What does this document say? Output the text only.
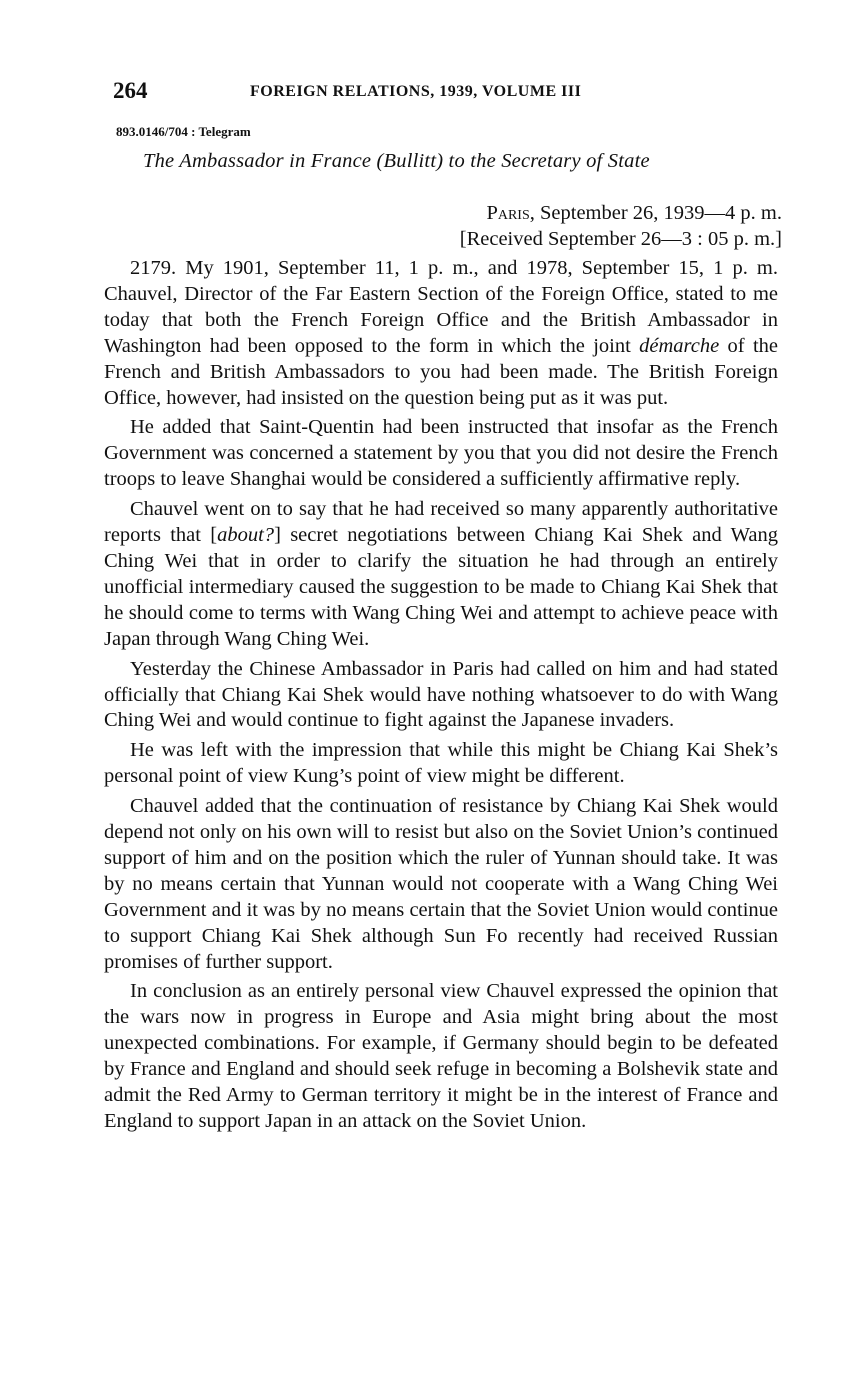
264	FOREIGN RELATIONS, 1939, VOLUME III
893.0146/704 : Telegram
The Ambassador in France (Bullitt) to the Secretary of State
Paris, September 26, 1939—4 p. m.
[Received September 26—3 : 05 p. m.]

2179. My 1901, September 11, 1 p. m., and 1978, September 15, 1 p. m. Chauvel, Director of the Far Eastern Section of the Foreign Office, stated to me today that both the French Foreign Office and the British Ambassador in Washington had been opposed to the form in which the joint démarche of the French and British Ambassadors to you had been made. The British Foreign Office, however, had insisted on the question being put as it was put.

He added that Saint-Quentin had been instructed that insofar as the French Government was concerned a statement by you that you did not desire the French troops to leave Shanghai would be considered a sufficiently affirmative reply.

Chauvel went on to say that he had received so many apparently authoritative reports that [about?] secret negotiations between Chiang Kai Shek and Wang Ching Wei that in order to clarify the situation he had through an entirely unofficial intermediary caused the suggestion to be made to Chiang Kai Shek that he should come to terms with Wang Ching Wei and attempt to achieve peace with Japan through Wang Ching Wei.

Yesterday the Chinese Ambassador in Paris had called on him and had stated officially that Chiang Kai Shek would have nothing whatsoever to do with Wang Ching Wei and would continue to fight against the Japanese invaders.

He was left with the impression that while this might be Chiang Kai Shek’s personal point of view Kung’s point of view might be different.

Chauvel added that the continuation of resistance by Chiang Kai Shek would depend not only on his own will to resist but also on the Soviet Union’s continued support of him and on the position which the ruler of Yunnan should take. It was by no means certain that Yunnan would not cooperate with a Wang Ching Wei Government and it was by no means certain that the Soviet Union would continue to support Chiang Kai Shek although Sun Fo recently had received Russian promises of further support.

In conclusion as an entirely personal view Chauvel expressed the opinion that the wars now in progress in Europe and Asia might bring about the most unexpected combinations. For example, if Germany should begin to be defeated by France and England and should seek refuge in becoming a Bolshevik state and admit the Red Army to German territory it might be in the interest of France and England to support Japan in an attack on the Soviet Union.
